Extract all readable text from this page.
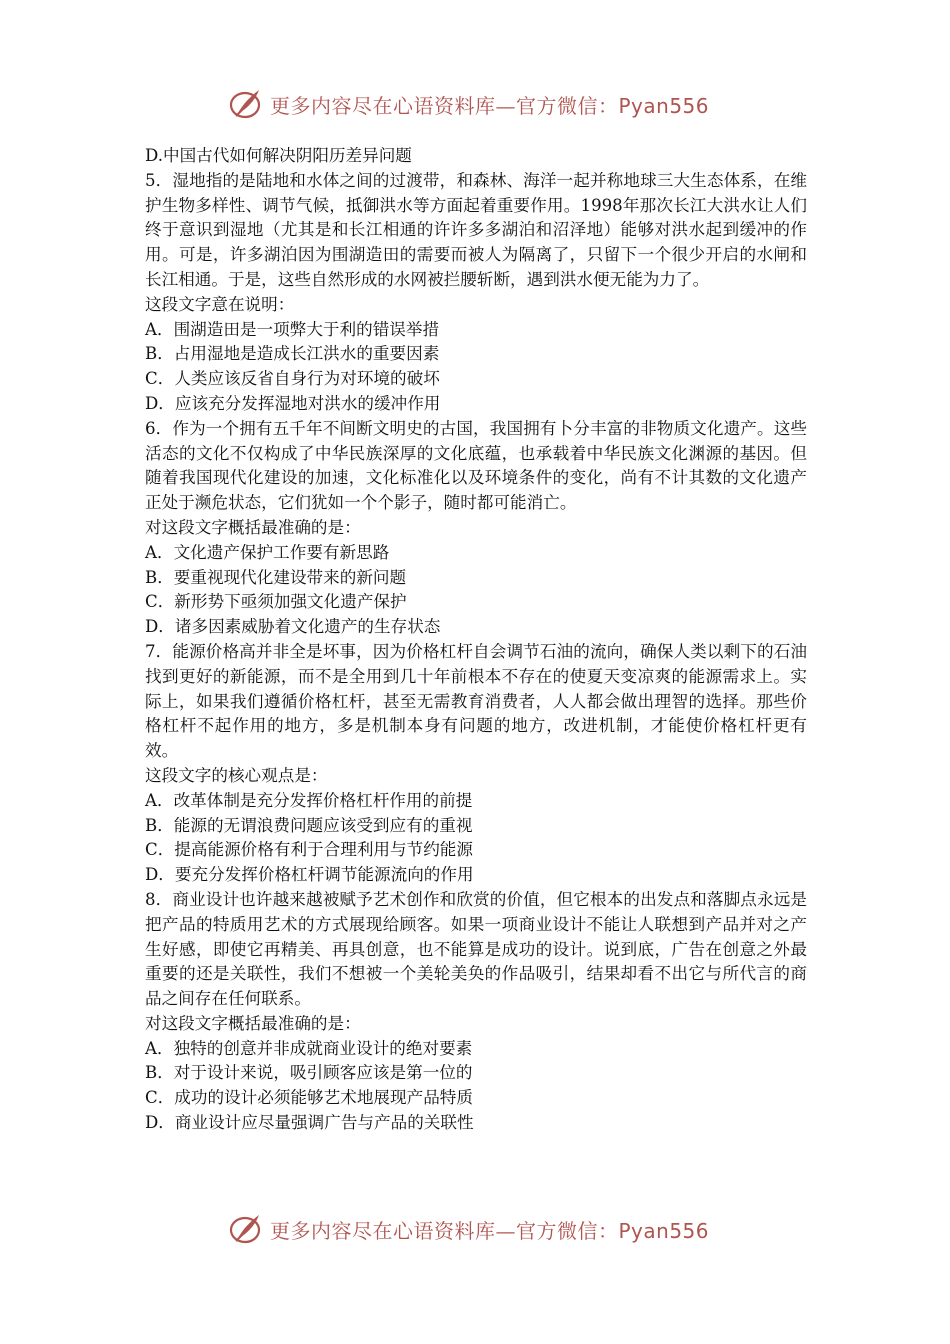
更多内容尽在心语资料库—官方微信：Pyan556

D.中国古代如何解决阴阳历差异问题

5．湿地指的是陆地和水体之间的过渡带，和森林、海洋一起并称地球三大生态体系，在维护生物多样性、调节气候，抵御洪水等方面起着重要作用。1998年那次长江大洪水让人们终于意识到湿地（尤其是和长江相通的许许多多湖泊和沼泽地）能够对洪水起到缓冲的作用。可是，许多湖泊因为围湖造田的需要而被人为隔离了，只留下一个很少开启的水闸和长江相通。于是，这些自然形成的水网被拦腰斩断，遇到洪水便无能为力了。

这段文字意在说明：

A．围湖造田是一项弊大于利的错误举措

B．占用湿地是造成长江洪水的重要因素

C．人类应该反省自身行为对环境的破坏

D．应该充分发挥湿地对洪水的缓冲作用

6．作为一个拥有五千年不间断文明史的古国，我国拥有卜分丰富的非物质文化遗产。这些活态的文化不仅构成了中华民族深厚的文化底蕴，也承载着中华民族文化渊源的基因。但随着我国现代化建设的加速，文化标准化以及环境条件的变化，尚有不计其数的文化遗产正处于濒危状态，它们犹如一个个影子，随时都可能消亡。

对这段文字概括最准确的是：

A．文化遗产保护工作要有新思路

B．要重视现代化建设带来的新问题

C．新形势下亟须加强文化遗产保护

D．诸多因素威胁着文化遗产的生存状态

7．能源价格高并非全是坏事，因为价格杠杆自会调节石油的流向，确保人类以剩下的石油找到更好的新能源，而不是全用到几十年前根本不存在的使夏天变凉爽的能源需求上。实际上，如果我们遵循价格杠杆，甚至无需教育消费者，人人都会做出理智的选择。那些价格杠杆不起作用的地方，多是机制本身有问题的地方，改进机制，才能使价格杠杆更有效。

这段文字的核心观点是：

A．改革体制是充分发挥价格杠杆作用的前提

B．能源的无谓浪费问题应该受到应有的重视

C．提高能源价格有利于合理利用与节约能源

D．要充分发挥价格杠杆调节能源流向的作用

8．商业设计也许越来越被赋予艺术创作和欣赏的价值，但它根本的出发点和落脚点永远是把产品的特质用艺术的方式展现给顾客。如果一项商业设计不能让人联想到产品并对之产生好感，即使它再精美、再具创意，也不能算是成功的设计。说到底，广告在创意之外最重要的还是关联性，我们不想被一个美轮美奂的作品吸引，结果却看不出它与所代言的商品之间存在任何联系。

对这段文字概括最准确的是：

A．独特的创意并非成就商业设计的绝对要素

B．对于设计来说，吸引顾客应该是第一位的

C．成功的设计必须能够艺术地展现产品特质

D．商业设计应尽量强调广告与产品的关联性

更多内容尽在心语资料库—官方微信：Pyan556
